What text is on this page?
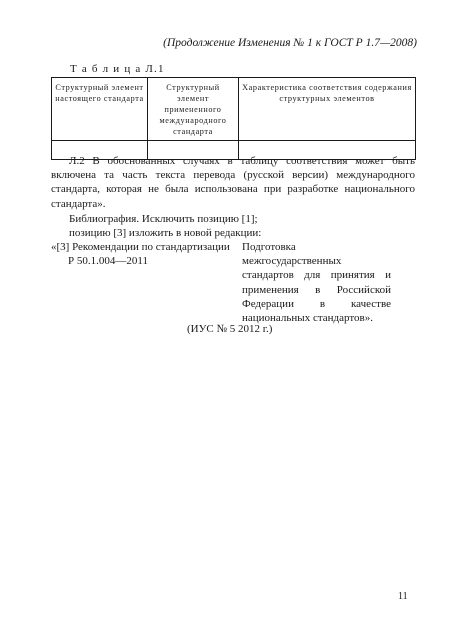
(Продолжение Изменения № 1 к ГОСТ Р 1.7—2008)
Т а б л и ц а Л.1
Структурный элемент настоящего стандарта	Структурный элемент примененного международного стандарта	Характеристика соответствия содержания структурных элементов

Л.2 В обоснованных случаях в таблицу соответствия может быть включена та часть текста перевода (русской версии) международного стандарта, которая не была использована при разработке национального стандарта».

Библиография. Исключить позицию [1];

позицию [3] изложить в новой редакции:

«[3] Рекомендации по стандартизации
Р 50.1.004—2011
Подготовка межгосударственных стандартов для принятия и применения в Российской Федерации в качестве национальных стандартов».
(ИУС № 5 2012 г.)
11
